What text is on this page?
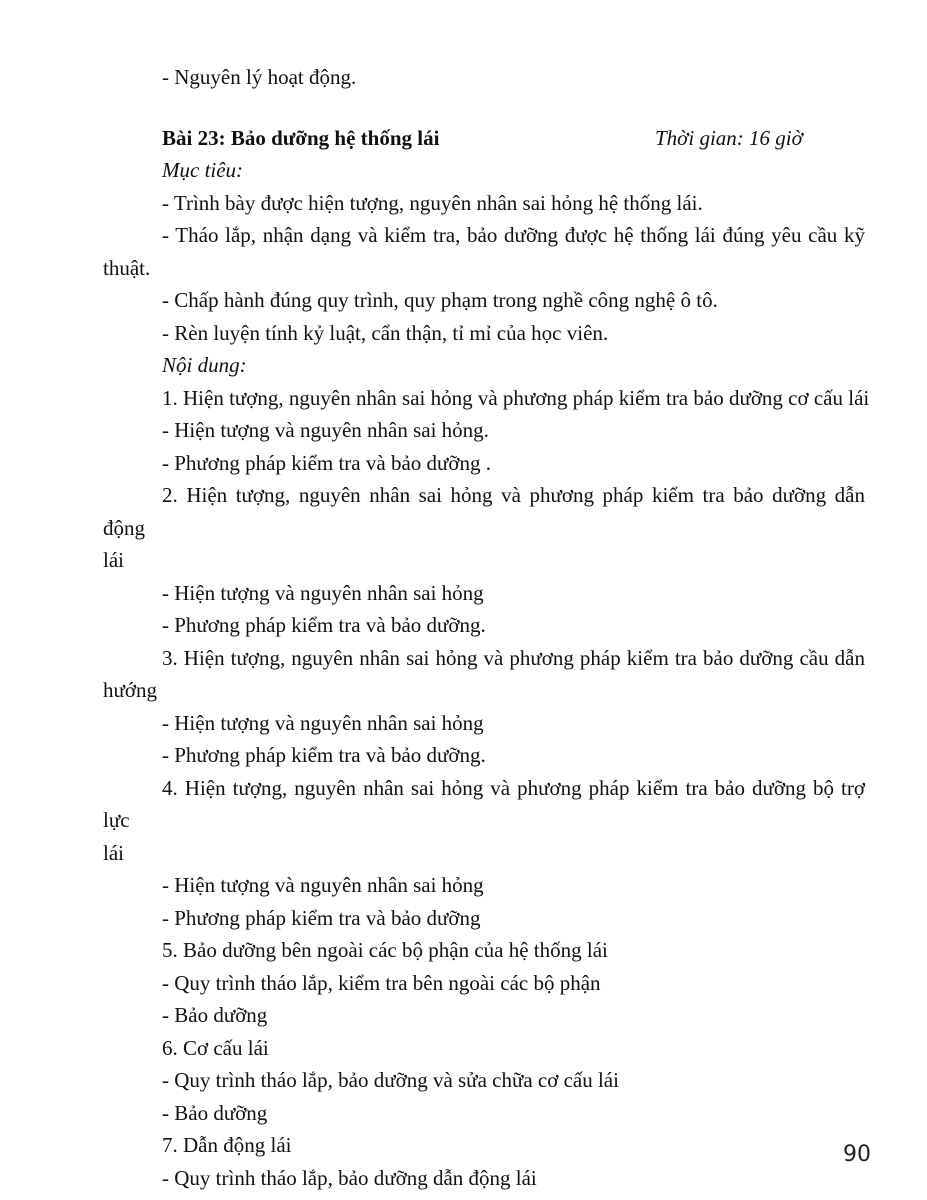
- Nguyên lý hoạt động.

Bài 23: Bảo dưỡng hệ thống lái	Thời gian: 16 giờ

Mục tiêu:

- Trình bày được hiện tượng, nguyên nhân sai hỏng hệ thống lái.

- Tháo lắp, nhận dạng và kiểm tra, bảo dưỡng được hệ thống lái đúng yêu cầu kỹ

thuật.

- Chấp hành đúng quy trình, quy phạm trong nghề công nghệ ô tô.

- Rèn luyện tính kỷ luật, cẩn thận, tỉ mỉ của học viên.

Nội dung:

1. Hiện tượng, nguyên nhân sai hỏng và phương pháp kiểm tra bảo dưỡng cơ cấu lái

- Hiện tượng và nguyên nhân sai hỏng.

- Phương pháp kiểm tra và bảo dưỡng .

2. Hiện tượng, nguyên nhân sai hỏng và phương pháp kiểm tra bảo dưỡng dẫn động

lái

- Hiện tượng và nguyên nhân sai hỏng

- Phương pháp kiểm tra và bảo dưỡng.

3. Hiện tượng, nguyên nhân sai hỏng và phương pháp kiểm tra bảo dưỡng cầu dẫn

hướng

- Hiện tượng và nguyên nhân sai hỏng

- Phương pháp kiểm tra và bảo dưỡng.

4. Hiện tượng, nguyên nhân sai hỏng và phương pháp kiểm tra bảo dưỡng bộ trợ lực

lái

- Hiện tượng và nguyên nhân sai hỏng

- Phương pháp kiểm tra và bảo dưỡng

5. Bảo dưỡng bên ngoài các bộ phận của hệ thống lái

- Quy trình tháo lắp, kiểm tra bên ngoài các bộ phận

- Bảo dưỡng

6. Cơ cấu lái

- Quy trình tháo lắp, bảo dưỡng và sửa chữa cơ cấu lái

- Bảo dưỡng

7. Dẫn động lái

- Quy trình tháo lắp, bảo dưỡng dẫn động lái

90
